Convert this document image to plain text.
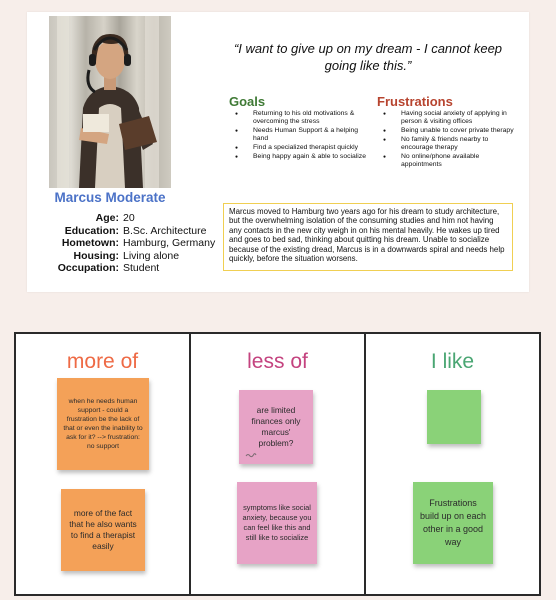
Marcus Moderate
Age: 20
Education: B.Sc. Architecture
Hometown: Hamburg, Germany
Housing: Living alone
Occupation: Student
“I want to give up on my dream - I cannot keep
going like this.”
Goals
● Returning to his old motivations & overcoming the stress
● Needs Human Support & a helping hand
● Find a specialized therapist quickly
● Being happy again & able to socialize
Frustrations
● Having social anxiety of applying in person & visiting offices
● Being unable to cover private therapy
● No family & friends nearby to encourage therapy
● No online/phone available appointments
Marcus moved to Hamburg two years ago for his dream to study architecture, but the overwhelming isolation of the consuming studies and him not having any contacts in the new city weigh in on his mental heavily. He wakes up tired and goes to bed sad, thinking about quitting his dream. Unable to socialize because of the existing dread, Marcus is in a downwards spiral and needs help quickly, before the situation worsens.
more of
when he needs human support - could a frustration be the lack of that or even the inability to ask for it? --> frustration: no support
more of the fact that he also wants to find a therapist easily
less of
are limited finances only marcus' problem?
symptoms like social anxiety, because you can feel like this and still like to socialize
I like
Frustrations build up on each other in a good way
